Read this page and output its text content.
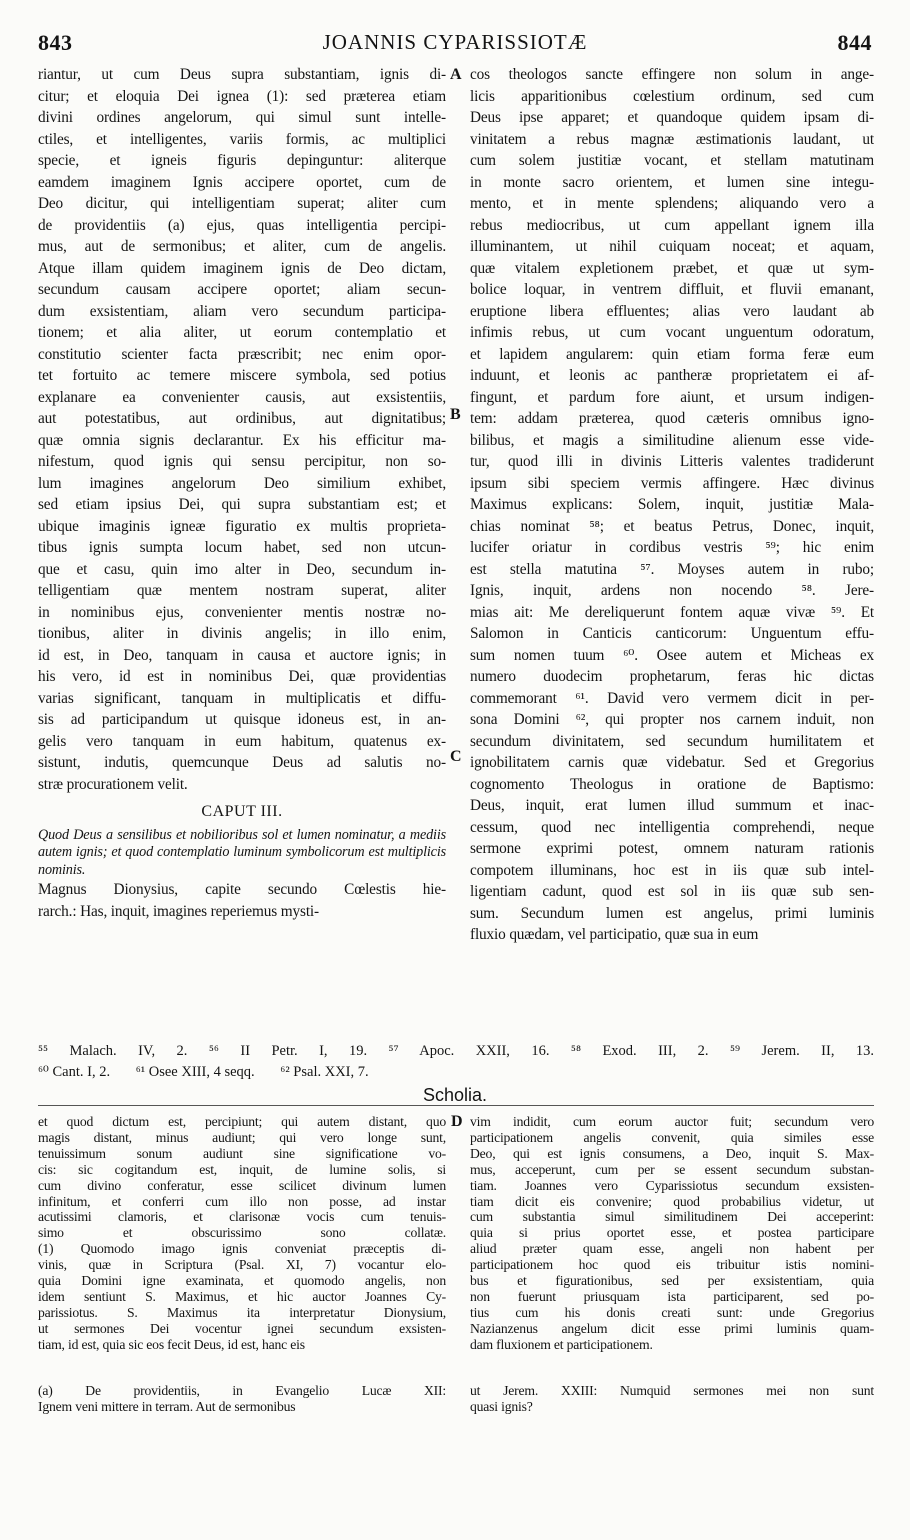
843	JOANNIS CYPARISSIOTÆ	844
A
B
C
D
riantur, ut cum Deus supra substantiam, ignis di-
citur; et eloquia Dei ignea (1): sed præterea etiam
divini ordines angelorum, qui simul sunt intelle-
ctiles, et intelligentes, variis formis, ac multiplici
specie, et igneis figuris depinguntur: aliterque
eamdem imaginem Ignis accipere oportet, cum de
Deo dicitur, qui intelligentiam superat; aliter cum
de providentiis (a) ejus, quas intelligentia percipi-
mus, aut de sermonibus; et aliter, cum de angelis.
Atque illam quidem imaginem ignis de Deo dictam,
secundum causam accipere oportet; aliam secun-
dum exsistentiam, aliam vero secundum participa-
tionem; et alia aliter, ut eorum contemplatio et
constitutio scienter facta præscribit; nec enim opor-
tet fortuito ac temere miscere symbola, sed potius
explanare ea convenienter causis, aut exsistentiis,
aut potestatibus, aut ordinibus, aut dignitatibus;
quæ omnia signis declarantur. Ex his efficitur ma-
nifestum, quod ignis qui sensu percipitur, non so-
lum imagines angelorum Deo similium exhibet,
sed etiam ipsius Dei, qui supra substantiam est; et
ubique imaginis igneæ figuratio ex multis proprieta-
tibus ignis sumpta locum habet, sed non utcun-
que et casu, quin imo alter in Deo, secundum in-
telligentiam quæ mentem nostram superat, aliter
in nominibus ejus, convenienter mentis nostræ no-
tionibus, aliter in divinis angelis; in illo enim,
id est, in Deo, tanquam in causa et auctore ignis; in
his vero, id est in nominibus Dei, quæ providentias
varias significant, tanquam in multiplicatis et diffu-
sis ad participandum ut quisque idoneus est, in an-
gelis vero tanquam in eum habitum, quatenus ex-
sistunt, indutis, quemcunque Deus ad salutis no-
stræ procurationem velit.
CAPUT III.
Quod Deus a sensilibus et nobilioribus sol et lumen nominatur, a mediis autem ignis; et quod contemplatio luminum symbolicorum est multiplicis nominis.
Magnus Dionysius, capite secundo Cœlestis hie-
rarch.: Has, inquit, imagines reperiemus mysti-
cos theologos sancte effingere non solum in ange-
licis apparitionibus cœlestium ordinum, sed cum
Deus ipse apparet; et quandoque quidem ipsam di-
vinitatem a rebus magnæ æstimationis laudant, ut
cum solem justitiæ vocant, et stellam matutinam
in monte sacro orientem, et lumen sine integu-
mento, et in mente splendens; aliquando vero a
rebus mediocribus, ut cum appellant ignem illa
illuminantem, ut nihil cuiquam noceat; et aquam,
quæ vitalem expletionem præbet, et quæ ut sym-
bolice loquar, in ventrem diffluit, et fluvii emanant,
eruptione libera effluentes; alias vero laudant ab
infimis rebus, ut cum vocant unguentum odoratum,
et lapidem angularem: quin etiam forma feræ eum
induunt, et leonis ac pantheræ proprietatem ei af-
fingunt, et pardum fore aiunt, et ursum indigen-
tem: addam præterea, quod cæteris omnibus igno-
bilibus, et magis a similitudine alienum esse vide-
tur, quod illi in divinis Litteris valentes tradiderunt
ipsum sibi speciem vermis affingere. Hæc divinus
Maximus explicans: Solem, inquit, justitiæ Mala-
chias nominat ⁵⁸; et beatus Petrus, Donec, inquit,
lucifer oriatur in cordibus vestris ⁵⁹; hic enim
est stella matutina ⁵⁷. Moyses autem in rubo;
Ignis, inquit, ardens non nocendo ⁵⁸. Jere-
mias ait: Me dereliquerunt fontem aquæ vivæ ⁵⁹. Et
Salomon in Canticis canticorum: Unguentum effu-
sum nomen tuum ⁶⁰. Osee autem et Micheas ex
numero duodecim prophetarum, feras hic dictas
commemorant ⁶¹. David vero vermem dicit in per-
sona Domini ⁶², qui propter nos carnem induit, non
secundum divinitatem, sed secundum humilitatem et
ignobilitatem carnis quæ videbatur. Sed et Gregorius
cognomento Theologus in oratione de Baptismo:
Deus, inquit, erat lumen illud summum et inac-
cessum, quod nec intelligentia comprehendi, neque
sermone exprimi potest, omnem naturam rationis
compotem illuminans, hoc est in iis quæ sub intel-
ligentiam cadunt, quod est sol in iis quæ sub sen-
sum. Secundum lumen est angelus, primi luminis
fluxio quædam, vel participatio, quæ sua in eum
⁵⁵ Malach. IV, 2. ⁵⁶ II Petr. I, 19. ⁵⁷ Apoc. XXII, 16. ⁵⁸ Exod. III, 2. ⁵⁹ Jerem. II, 13.
⁶⁰ Cant. I, 2. ⁶¹ Osee XIII, 4 seqq. ⁶² Psal. XXI, 7.
Scholia.
et quod dictum est, percipiunt; qui autem distant, quo
magis distant, minus audiunt; qui vero longe sunt,
tenuissimum sonum audiunt sine significatione vo-
cis: sic cogitandum est, inquit, de lumine solis, si
cum divino conferatur, esse scilicet divinum lumen
infinitum, et conferri cum illo non posse, ad instar
acutissimi clamoris, et clarisonæ vocis cum tenuis-
simo et obscurissimo sono collatæ.
(1) Quomodo imago ignis conveniat præceptis di-
vinis, quæ in Scriptura (Psal. XI, 7) vocantur elo-
quia Domini igne examinata, et quomodo angelis, non
idem sentiunt S. Maximus, et hic auctor Joannes Cy-
parissiotus. S. Maximus ita interpretatur Dionysium,
ut sermones Dei vocentur ignei secundum exsisten-
tiam, id est, quia sic eos fecit Deus, id est, hanc eis
(a) De providentiis, in Evangelio Lucæ XII:
Ignem veni mittere in terram. Aut de sermonibus
vim indidit, cum eorum auctor fuit; secundum vero
participationem angelis convenit, quia similes esse
Deo, qui est ignis consumens, a Deo, inquit S. Max-
mus, acceperunt, cum per se essent secundum substan-
tiam. Joannes vero Cyparissiotus secundum exsisten-
tiam dicit eis convenire; quod probabilius videtur, ut
cum substantia simul similitudinem Dei acceperint:
quia si prius oportet esse, et postea participare
aliud præter quam esse, angeli non habent per
participationem hoc quod eis tribuitur istis nomini-
bus et figurationibus, sed per exsistentiam, quia
non fuerunt priusquam ista participarent, sed po-
tius cum his donis creati sunt: unde Gregorius
Nazianzenus angelum dicit esse primi luminis quam-
dam fluxionem et participationem.
ut Jerem. XXIII: Numquid sermones mei non sunt
quasi ignis?
